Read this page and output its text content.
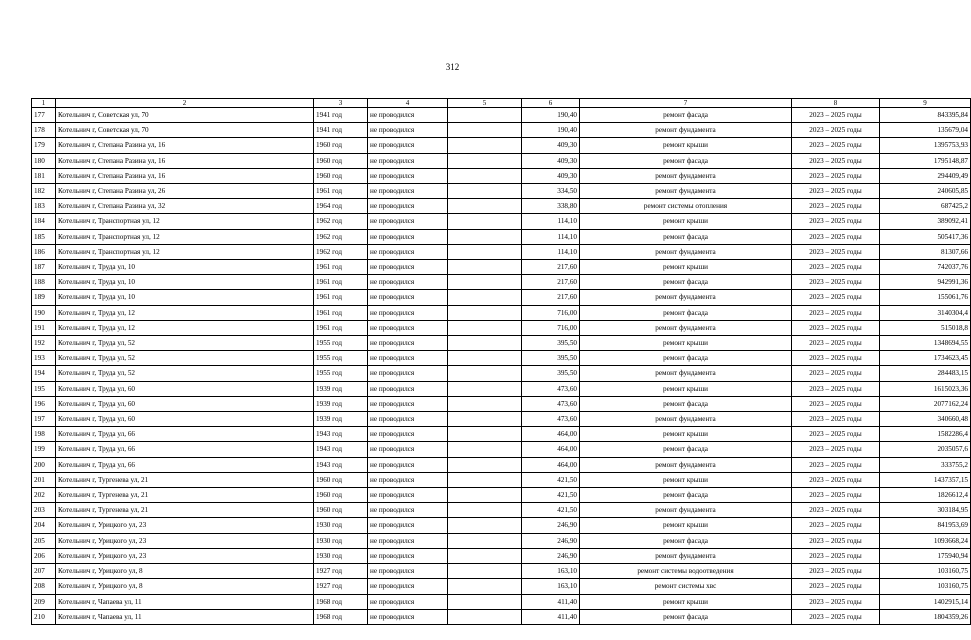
312
1	2	3	4	5	6	7	8	9
177	Котельнич г, Советская ул, 70	1941 год	не проводился		190,40	ремонт фасада	2023 – 2025 годы	843395,84
178	Котельнич г, Советская ул, 70	1941 год	не проводился		190,40	ремонт фундамента	2023 – 2025 годы	135679,04
179	Котельнич г, Степана Разина ул, 16	1960 год	не проводился		409,30	ремонт крыши	2023 – 2025 годы	1395753,93
180	Котельнич г, Степана Разина ул, 16	1960 год	не проводился		409,30	ремонт фасада	2023 – 2025 годы	1795148,87
181	Котельнич г, Степана Разина ул, 16	1960 год	не проводился		409,30	ремонт фундамента	2023 – 2025 годы	294409,49
182	Котельнич г, Степана Разина ул, 26	1961 год	не проводился		334,50	ремонт фундамента	2023 – 2025 годы	240605,85
183	Котельнич г, Степана Разина ул, 32	1964 год	не проводился		338,80	ремонт системы отопления	2023 – 2025 годы	687425,2
184	Котельнич г, Транспортная ул, 12	1962 год	не проводился		114,10	ремонт крыши	2023 – 2025 годы	389092,41
185	Котельнич г, Транспортная ул, 12	1962 год	не проводился		114,10	ремонт фасада	2023 – 2025 годы	505417,36
186	Котельнич г, Транспортная ул, 12	1962 год	не проводился		114,10	ремонт фундамента	2023 – 2025 годы	81307,66
187	Котельнич г, Труда ул, 10	1961 год	не проводился		217,60	ремонт крыши	2023 – 2025 годы	742037,76
188	Котельнич г, Труда ул, 10	1961 год	не проводился		217,60	ремонт фасада	2023 – 2025 годы	942991,36
189	Котельнич г, Труда ул, 10	1961 год	не проводился		217,60	ремонт фундамента	2023 – 2025 годы	155061,76
190	Котельнич г, Труда ул, 12	1961 год	не проводился		716,00	ремонт фасада	2023 – 2025 годы	3140304,4
191	Котельнич г, Труда ул, 12	1961 год	не проводился		716,00	ремонт фундамента	2023 – 2025 годы	515018,8
192	Котельнич г, Труда ул, 52	1955 год	не проводился		395,50	ремонт крыши	2023 – 2025 годы	1348694,55
193	Котельнич г, Труда ул, 52	1955 год	не проводился		395,50	ремонт фасада	2023 – 2025 годы	1734623,45
194	Котельнич г, Труда ул, 52	1955 год	не проводился		395,50	ремонт фундамента	2023 – 2025 годы	284483,15
195	Котельнич г, Труда ул, 60	1939 год	не проводился		473,60	ремонт крыши	2023 – 2025 годы	1615023,36
196	Котельнич г, Труда ул, 60	1939 год	не проводился		473,60	ремонт фасада	2023 – 2025 годы	2077162,24
197	Котельнич г, Труда ул, 60	1939 год	не проводился		473,60	ремонт фундамента	2023 – 2025 годы	340660,48
198	Котельнич г, Труда ул, 66	1943 год	не проводился		464,00	ремонт крыши	2023 – 2025 годы	1582286,4
199	Котельнич г, Труда ул, 66	1943 год	не проводился		464,00	ремонт фасада	2023 – 2025 годы	2035057,6
200	Котельнич г, Труда ул, 66	1943 год	не проводился		464,00	ремонт фундамента	2023 – 2025 годы	333755,2
201	Котельнич г, Тургенева ул, 21	1960 год	не проводился		421,50	ремонт крыши	2023 – 2025 годы	1437357,15
202	Котельнич г, Тургенева ул, 21	1960 год	не проводился		421,50	ремонт фасада	2023 – 2025 годы	1826612,4
203	Котельнич г, Тургенева ул, 21	1960 год	не проводился		421,50	ремонт фундамента	2023 – 2025 годы	303184,95
204	Котельнич г, Урицкого ул, 23	1930 год	не проводился		246,90	ремонт крыши	2023 – 2025 годы	841953,69
205	Котельнич г, Урицкого ул, 23	1930 год	не проводился		246,90	ремонт фасада	2023 – 2025 годы	1093668,24
206	Котельнич г, Урицкого ул, 23	1930 год	не проводился		246,90	ремонт фундамента	2023 – 2025 годы	175940,94
207	Котельнич г, Урицкого ул, 8	1927 год	не проводился		163,10	ремонт системы водоотведения	2023 – 2025 годы	103160,75
208	Котельнич г, Урицкого ул, 8	1927 год	не проводился		163,10	ремонт системы хвс	2023 – 2025 годы	103160,75
209	Котельнич г, Чапаева ул, 11	1968 год	не проводился		411,40	ремонт крыши	2023 – 2025 годы	1402915,14
210	Котельнич г, Чапаева ул, 11	1968 год	не проводился		411,40	ремонт фасада	2023 – 2025 годы	1804359,26
